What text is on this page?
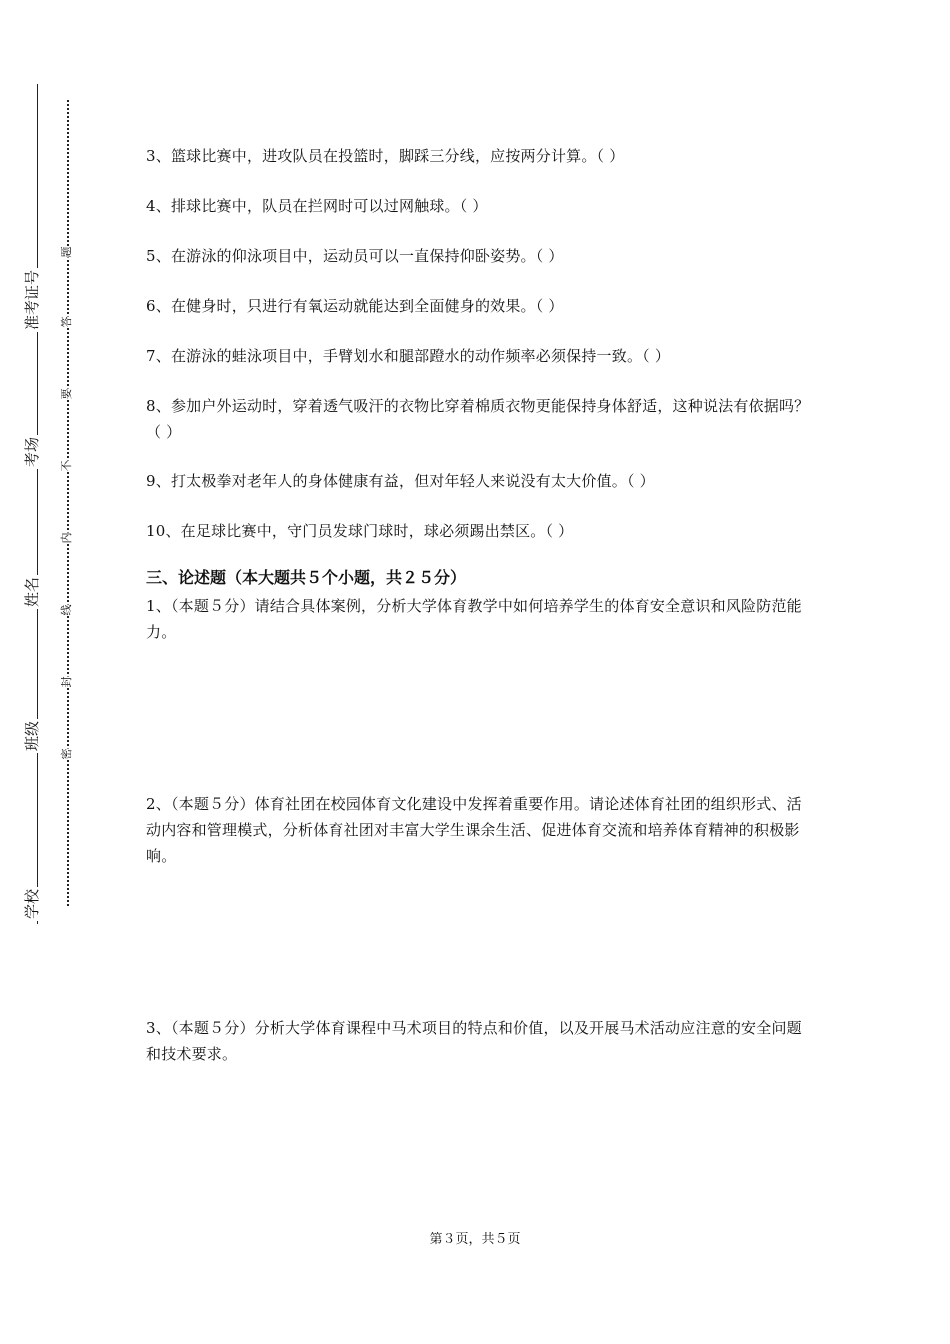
准考证号
考场
姓名
班级
学校
题
答
要
不
内
线
封
密

3、篮球比赛中，进攻队员在投篮时，脚踩三分线，应按两分计算。（ ）

4、排球比赛中，队员在拦网时可以过网触球。（ ）

5、在游泳的仰泳项目中，运动员可以一直保持仰卧姿势。（ ）

6、在健身时，只进行有氧运动就能达到全面健身的效果。（ ）

7、在游泳的蛙泳项目中，手臂划水和腿部蹬水的动作频率必须保持一致。（ ）

8、参加户外运动时，穿着透气吸汗的衣物比穿着棉质衣物更能保持身体舒适，这种说法有依据吗？（ ）

9、打太极拳对老年人的身体健康有益，但对年轻人来说没有太大价值。（ ）

10、在足球比赛中，守门员发球门球时，球必须踢出禁区。（ ）

三、论述题（本大题共５个小题，共２５分）

1、（本题５分）请结合具体案例，分析大学体育教学中如何培养学生的体育安全意识和风险防范能力。

2、（本题５分）体育社团在校园体育文化建设中发挥着重要作用。请论述体育社团的组织形式、活动内容和管理模式，分析体育社团对丰富大学生课余生活、促进体育交流和培养体育精神的积极影响。

3、（本题５分）分析大学体育课程中马术项目的特点和价值，以及开展马术活动应注意的安全问题和技术要求。

第３页，共５页
